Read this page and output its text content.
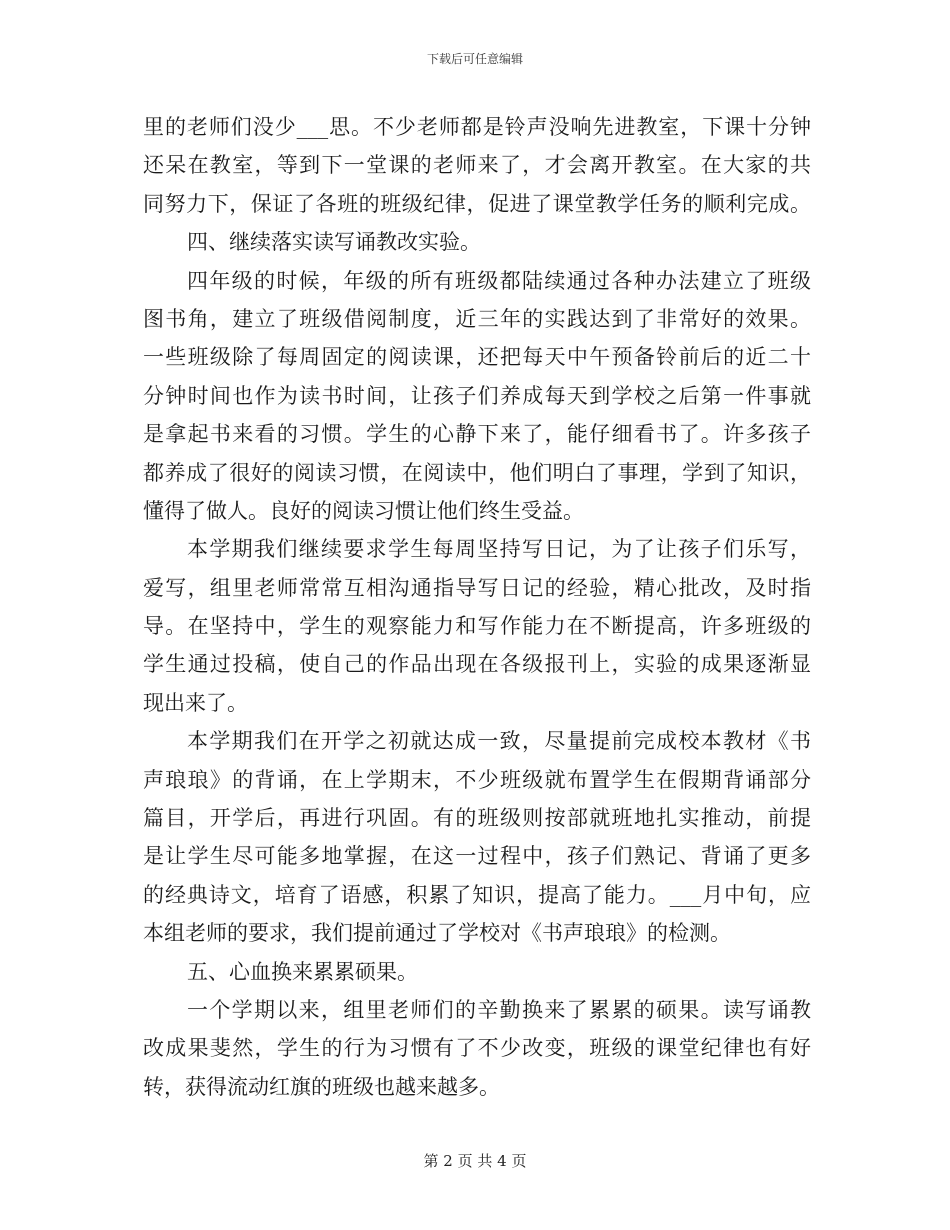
下载后可任意编辑
里的老师们没少___思。不少老师都是铃声没响先进教室，下课十分钟
还呆在教室，等到下一堂课的老师来了，才会离开教室。在大家的共
同努力下，保证了各班的班级纪律，促进了课堂教学任务的顺利完成。
四、继续落实读写诵教改实验。
四年级的时候，年级的所有班级都陆续通过各种办法建立了班级
图书角，建立了班级借阅制度，近三年的实践达到了非常好的效果。
一些班级除了每周固定的阅读课，还把每天中午预备铃前后的近二十
分钟时间也作为读书时间，让孩子们养成每天到学校之后第一件事就
是拿起书来看的习惯。学生的心静下来了，能仔细看书了。许多孩子
都养成了很好的阅读习惯，在阅读中，他们明白了事理，学到了知识，
懂得了做人。良好的阅读习惯让他们终生受益。
本学期我们继续要求学生每周坚持写日记，为了让孩子们乐写，
爱写，组里老师常常互相沟通指导写日记的经验，精心批改，及时指
导。在坚持中，学生的观察能力和写作能力在不断提高，许多班级的
学生通过投稿，使自己的作品出现在各级报刊上，实验的成果逐渐显
现出来了。
本学期我们在开学之初就达成一致，尽量提前完成校本教材《书
声琅琅》的背诵，在上学期末，不少班级就布置学生在假期背诵部分
篇目，开学后，再进行巩固。有的班级则按部就班地扎实推动，前提
是让学生尽可能多地掌握，在这一过程中，孩子们熟记、背诵了更多
的经典诗文，培育了语感，积累了知识，提高了能力。___月中旬，应
本组老师的要求，我们提前通过了学校对《书声琅琅》的检测。
五、心血换来累累硕果。
一个学期以来，组里老师们的辛勤换来了累累的硕果。读写诵教
改成果斐然，学生的行为习惯有了不少改变，班级的课堂纪律也有好
转，获得流动红旗的班级也越来越多。
第 2 页 共 4 页
